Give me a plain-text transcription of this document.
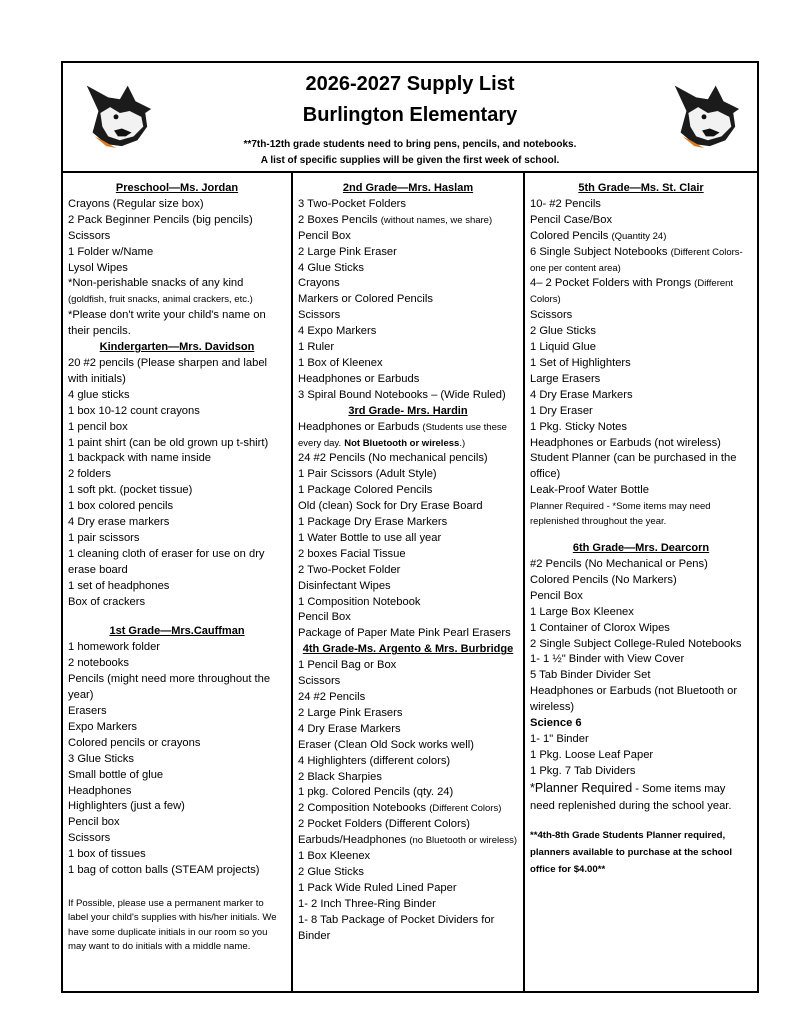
2026-2027 Supply List
Burlington Elementary
**7th-12th grade students need to bring pens, pencils, and notebooks.
A list of specific supplies will be given the first week of school.
Preschool—Ms. Jordan
Crayons (Regular size box)
2 Pack Beginner Pencils (big pencils)
Scissors
1 Folder w/Name
Lysol Wipes
*Non-perishable snacks of any kind
(goldfish, fruit snacks, animal crackers, etc.)
*Please don't write your child's name on their pencils.
Kindergarten—Mrs. Davidson
20 #2 pencils (Please sharpen and label with initials)
4 glue sticks
1 box 10-12 count crayons
1 pencil box
1 paint shirt (can be old grown up t-shirt)
1 backpack with name inside
2 folders
1 soft pkt. (pocket tissue)
1 box colored pencils
4 Dry erase markers
1 pair scissors
1 cleaning cloth of eraser for use on dry erase board
1 set of headphones
Box of crackers
1st Grade—Mrs.Cauffman
1 homework folder
2 notebooks
Pencils (might need more throughout the year)
Erasers
Expo Markers
Colored pencils or crayons
3 Glue Sticks
Small bottle of glue
Headphones
Highlighters (just a few)
Pencil box
Scissors
1 box of tissues
1 bag of cotton balls (STEAM projects)
If Possible, please use a permanent marker to label your child's supplies with his/her initials. We have some duplicate initials in our room so you may want to do initials with a middle name.
2nd Grade—Mrs. Haslam
3 Two-Pocket Folders
2 Boxes Pencils (without names, we share)
Pencil Box
2 Large Pink Eraser
4 Glue Sticks
Crayons
Markers or Colored Pencils
Scissors
4 Expo Markers
1 Ruler
1 Box of Kleenex
Headphones or Earbuds
3 Spiral Bound Notebooks – (Wide Ruled)
3rd Grade- Mrs. Hardin
Headphones or Earbuds (Students use these every day. Not Bluetooth or wireless.)
24 #2 Pencils (No mechanical pencils)
1 Pair Scissors (Adult Style)
1 Package Colored Pencils
Old (clean) Sock for Dry Erase Board
1 Package Dry Erase Markers
1 Water Bottle to use all year
2 boxes Facial Tissue
2 Two-Pocket Folder
Disinfectant Wipes
1 Composition Notebook
Pencil Box
Package of Paper Mate Pink Pearl Erasers
4th Grade-Ms. Argento & Mrs. Burbridge
1 Pencil Bag or Box
Scissors
24 #2 Pencils
2 Large Pink Erasers
4 Dry Erase Markers
Eraser (Clean Old Sock works well)
4 Highlighters (different colors)
2 Black Sharpies
1 pkg. Colored Pencils (qty. 24)
2 Composition Notebooks (Different Colors)
2 Pocket Folders (Different Colors)
Earbuds/Headphones (no Bluetooth or wireless)
1 Box Kleenex
2 Glue Sticks
1 Pack Wide Ruled Lined Paper
1- 2 Inch Three-Ring Binder
1- 8 Tab Package of Pocket Dividers for Binder
5th Grade—Ms. St. Clair
10- #2 Pencils
Pencil Case/Box
Colored Pencils (Quantity 24)
6 Single Subject Notebooks (Different Colors-one per content area)
4– 2 Pocket Folders with Prongs (Different Colors)
Scissors
2 Glue Sticks
1 Liquid Glue
1 Set of Highlighters
Large Erasers
4 Dry Erase Markers
1 Dry Eraser
1 Pkg. Sticky Notes
Headphones or Earbuds (not wireless)
Student Planner (can be purchased in the office)
Leak-Proof Water Bottle
Planner Required - *Some items may need replenished throughout the year.
6th Grade—Mrs. Dearcorn
#2 Pencils (No Mechanical or Pens)
Colored Pencils (No Markers)
Pencil Box
1 Large Box Kleenex
1 Container of Clorox Wipes
2 Single Subject College-Ruled Notebooks
1- 1 ½" Binder with View Cover
5 Tab Binder Divider Set
Headphones or Earbuds (not Bluetooth or wireless)
Science 6
1- 1" Binder
1 Pkg. Loose Leaf Paper
1 Pkg. 7 Tab Dividers
*Planner Required - Some items may need replenished during the school year.
**4th-8th Grade Students Planner required, planners available to purchase at the school office for $4.00**
